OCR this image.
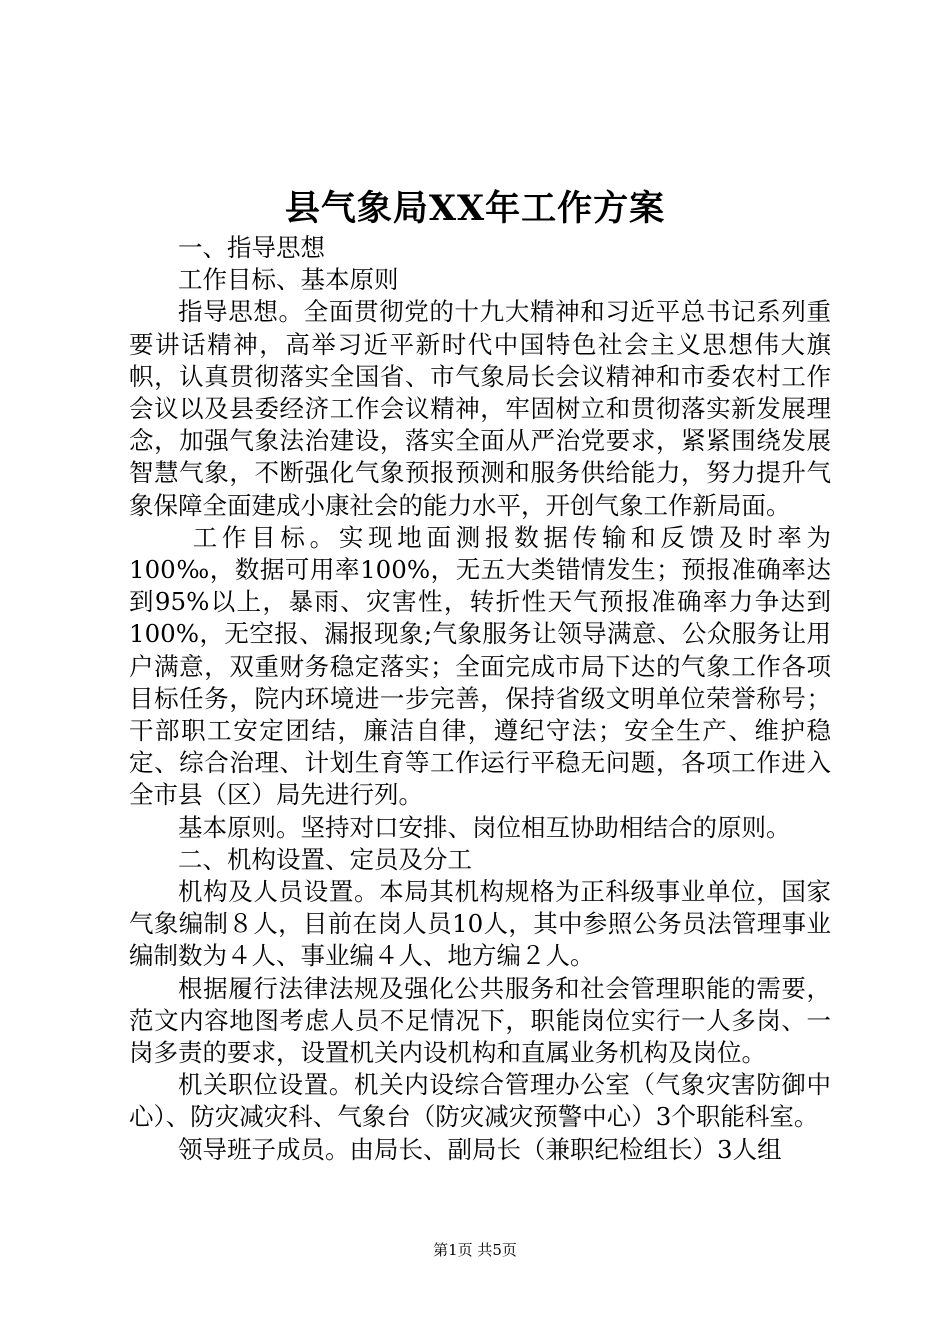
县气象局XX年工作方案

一、指导思想

工作目标、基本原则

指导思想。全面贯彻党的十九大精神和习近平总书记系列重要讲话精神，高举习近平新时代中国特色社会主义思想伟大旗帜，认真贯彻落实全国省、市气象局长会议精神和市委农村工作会议以及县委经济工作会议精神，牢固树立和贯彻落实新发展理念，加强气象法治建设，落实全面从严治党要求，紧紧围绕发展智慧气象，不断强化气象预报预测和服务供给能力，努力提升气象保障全面建成小康社会的能力水平，开创气象工作新局面。

工作目标。实现地面测报数据传输和反馈及时率为100‰，数据可用率100%，无五大类错情发生；预报准确率达到95%以上，暴雨、灾害性，转折性天气预报准确率力争达到100%，无空报、漏报现象;气象服务让领导满意、公众服务让用户满意，双重财务稳定落实；全面完成市局下达的气象工作各项目标任务，院内环境进一步完善，保持省级文明单位荣誉称号；干部职工安定团结，廉洁自律，遵纪守法；安全生产、维护稳定、综合治理、计划生育等工作运行平稳无问题，各项工作进入全市县（区）局先进行列。

基本原则。坚持对口安排、岗位相互协助相结合的原则。

二、机构设置、定员及分工

机构及人员设置。本局其机构规格为正科级事业单位，国家气象编制８人，目前在岗人员10人，其中参照公务员法管理事业编制数为４人、事业编４人、地方编２人。

根据履行法律法规及强化公共服务和社会管理职能的需要，范文内容地图考虑人员不足情况下，职能岗位实行一人多岗、一岗多责的要求，设置机关内设机构和直属业务机构及岗位。

机关职位设置。机关内设综合管理办公室（气象灾害防御中心）、防灾减灾科、气象台（防灾减灾预警中心）3个职能科室。

领导班子成员。由局长、副局长（兼职纪检组长）3人组

第1页 共5页
